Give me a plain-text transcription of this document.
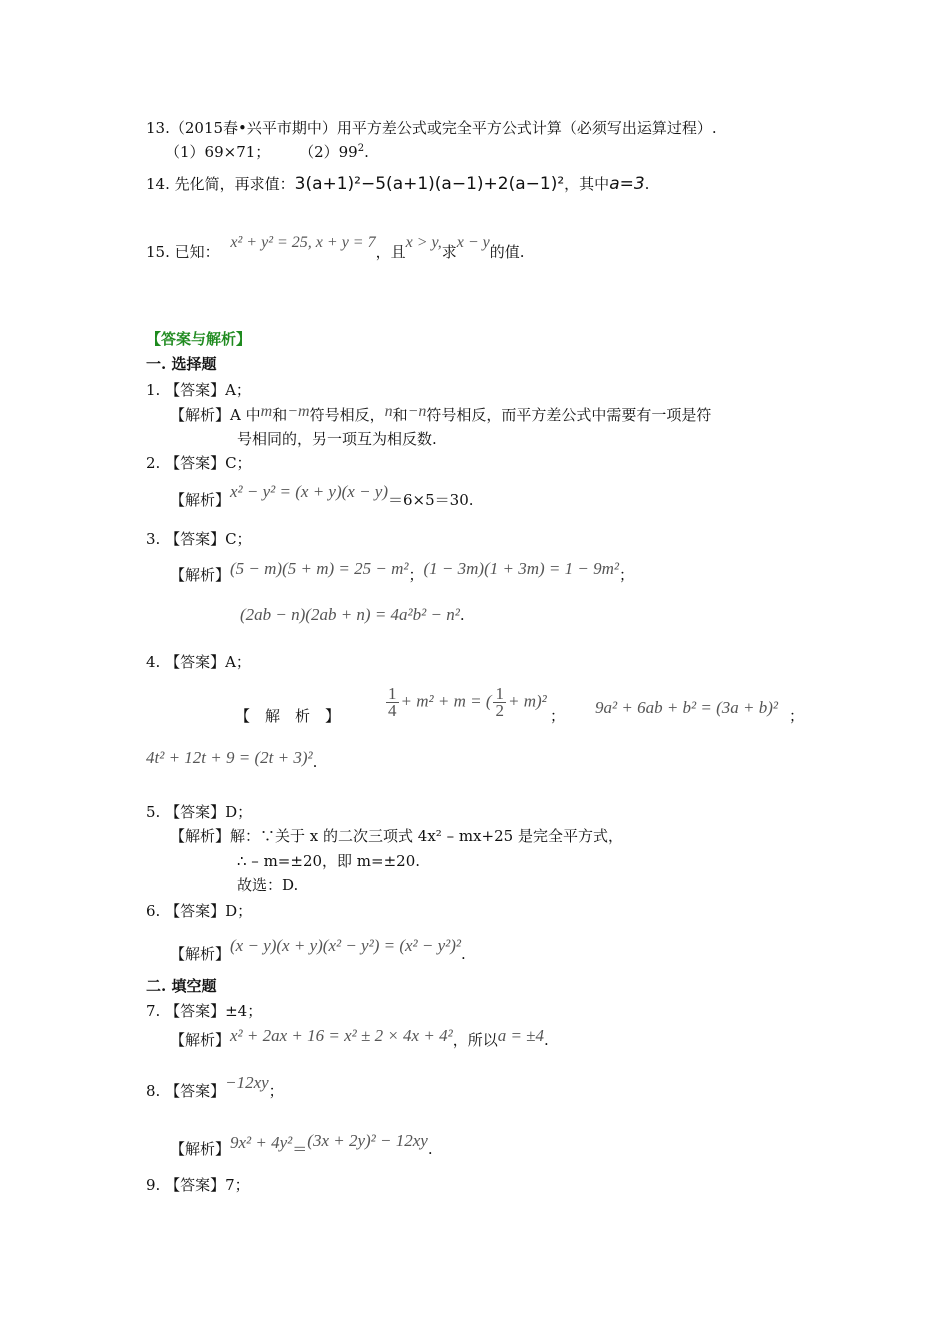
13.（2015春•兴平市期中）用平方差公式或完全平方公式计算（必须写出运算过程）.
（1）69×71； $(2)99^2$.
14. 先化简，再求值：3(a+1)²−5(a+1)(a−1)+2(a−1)²，其中a=3.
15. 已知： x² + y² = 25, x + y = 7，且x > y,求x − y的值.
【答案与解析】
一. 选择题
1. 【答案】A；
【解析】A 中m和−m符号相反，n和−n符号相反，而平方差公式中需要有一项是符
号相同的，另一项互为相反数.
2. 【答案】C；
【解析】x² − y² = (x + y)(x − y)＝6×5＝30.
3. 【答案】C；
【解析】(5 − m)(5 + m) = 25 − m²；(1 − 3m)(1 + 3m) = 1 − 9m²；
(2ab − n)(2ab + n) = 4a²b² − n².
4. 【答案】A；
【　解　析　】	$\frac{1}{4} + m^2 + m$ = ( $\frac{1}{2} + m)^2$
； 9a² + 6ab + b² = (3a + b)² ；
4t² + 12t + 9 = (2t + 3)².
5. 【答案】D；
【解析】解：∵关于 x 的二次三项式 4x² – mx+25 是完全平方式，
∴ – m=±20，即 m=±20.
故选：D.
6. 【答案】D；
【解析】(x − y)(x + y)(x² − y²) = (x² − y²)².
二. 填空题
7. 【答案】±4；
【解析】x² + 2ax + 16 = x² ± 2 × 4x + 4²，所以a = ±4.
8. 【答案】−12xy；
【解析】9x² + 4y²＝(3x + 2y)² − 12xy.
9. 【答案】7；
